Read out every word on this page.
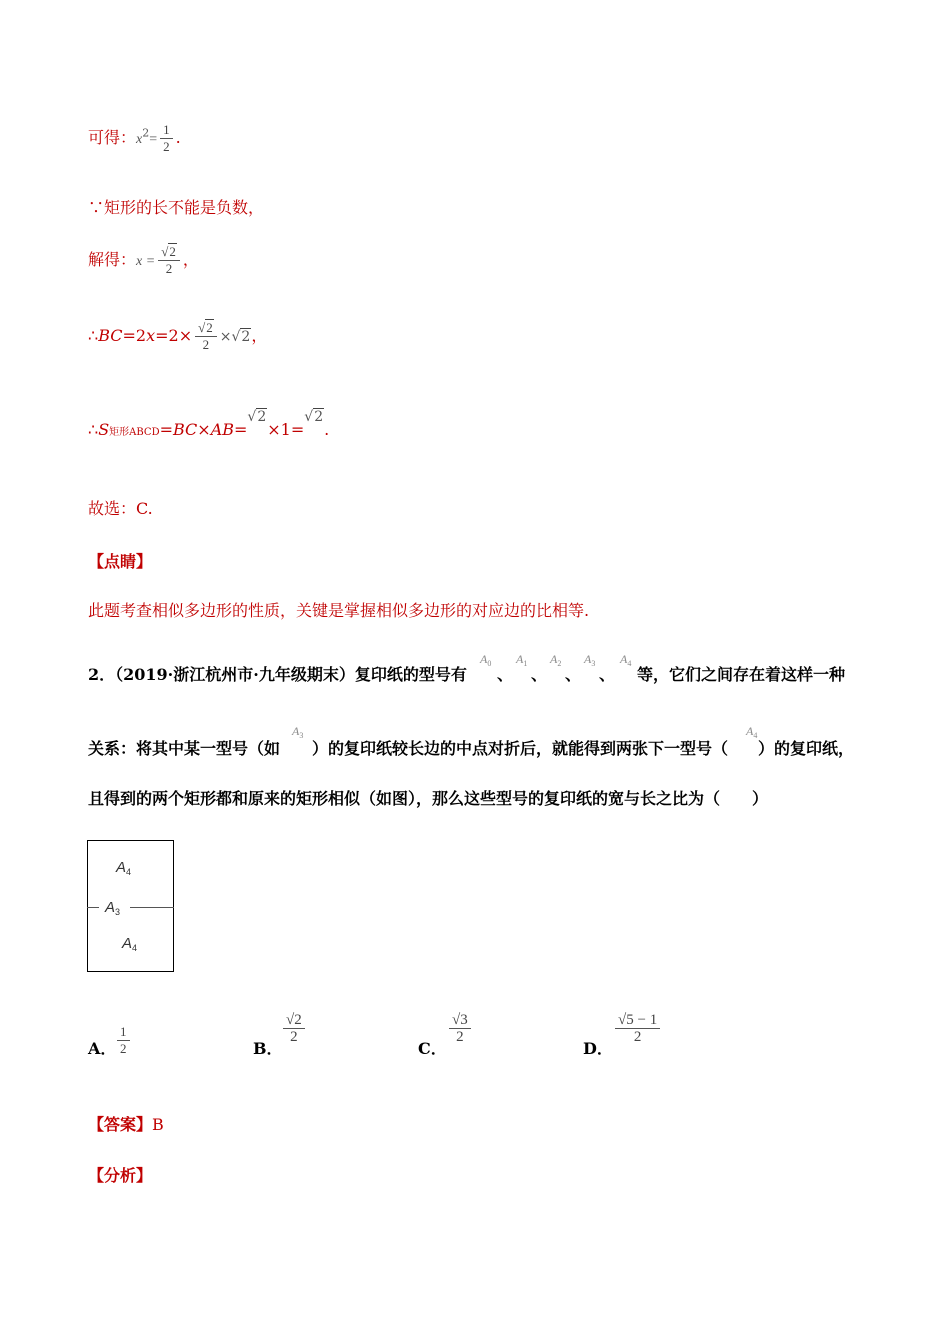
可得：$x^2= \frac{1}{2}$ .
∵矩形的长不能是负数，
解得：$x = \frac{√2}{2}$ ，
∴BC=2x=2× $\frac{√2}{2} \times√2$，
∴S矩形ABCD=BC×AB=√2×1=√2.
故选：C.
【点睛】
此题考查相似多边形的性质，关键是掌握相似多边形的对应边的比相等.
2．（2019·浙江杭州市·九年级期末）复印纸的型号有
$A_0$
、
$A_1$
、
$A_2$
、
$A_3$
、
$A_4$
等，它们之间存在着这样一种
关系：将其中某一型号（如 ）的复印纸较长边的中点对折后，就能得到两张下一型号（ ）的复印纸，
$A_3$	$A_4$
且得到的两个矩形都和原来的矩形相似（如图），那么这些型号的复印纸的宽与长之比为（　　）
$A_4$
$A_3$
$A_4$
A． $\frac{1}{2}$	B．
$\frac{√2}{2}$
C．
$\frac{√3}{2}$
D．
$\frac{√5 - 1}{2}$
【答案】B
【分析】
